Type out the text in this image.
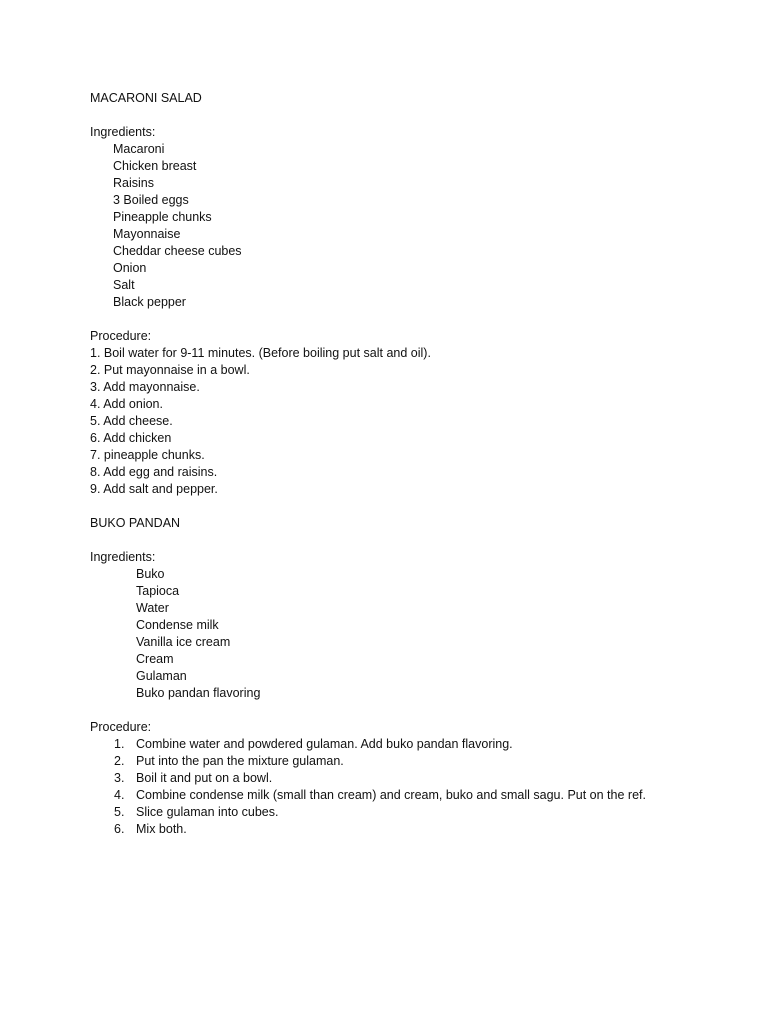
MACARONI SALAD
Ingredients:
Macaroni
Chicken breast
Raisins
3 Boiled eggs
Pineapple chunks
Mayonnaise
Cheddar cheese cubes
Onion
Salt
Black pepper
Procedure:
1. Boil water for 9-11 minutes. (Before boiling put salt and oil).
2. Put mayonnaise in a bowl.
3. Add mayonnaise.
4. Add onion.
5. Add cheese.
6. Add chicken
7. pineapple chunks.
8. Add egg and raisins.
9. Add salt and pepper.
BUKO PANDAN
Ingredients:
Buko
Tapioca
Water
Condense milk
Vanilla ice cream
Cream
Gulaman
Buko pandan flavoring
Procedure:
1. Combine water and powdered gulaman. Add buko pandan flavoring.
2. Put into the pan the mixture gulaman.
3. Boil it and put on a bowl.
4. Combine condense milk (small than cream) and cream, buko and small sagu. Put on the ref.
5. Slice gulaman into cubes.
6. Mix both.
